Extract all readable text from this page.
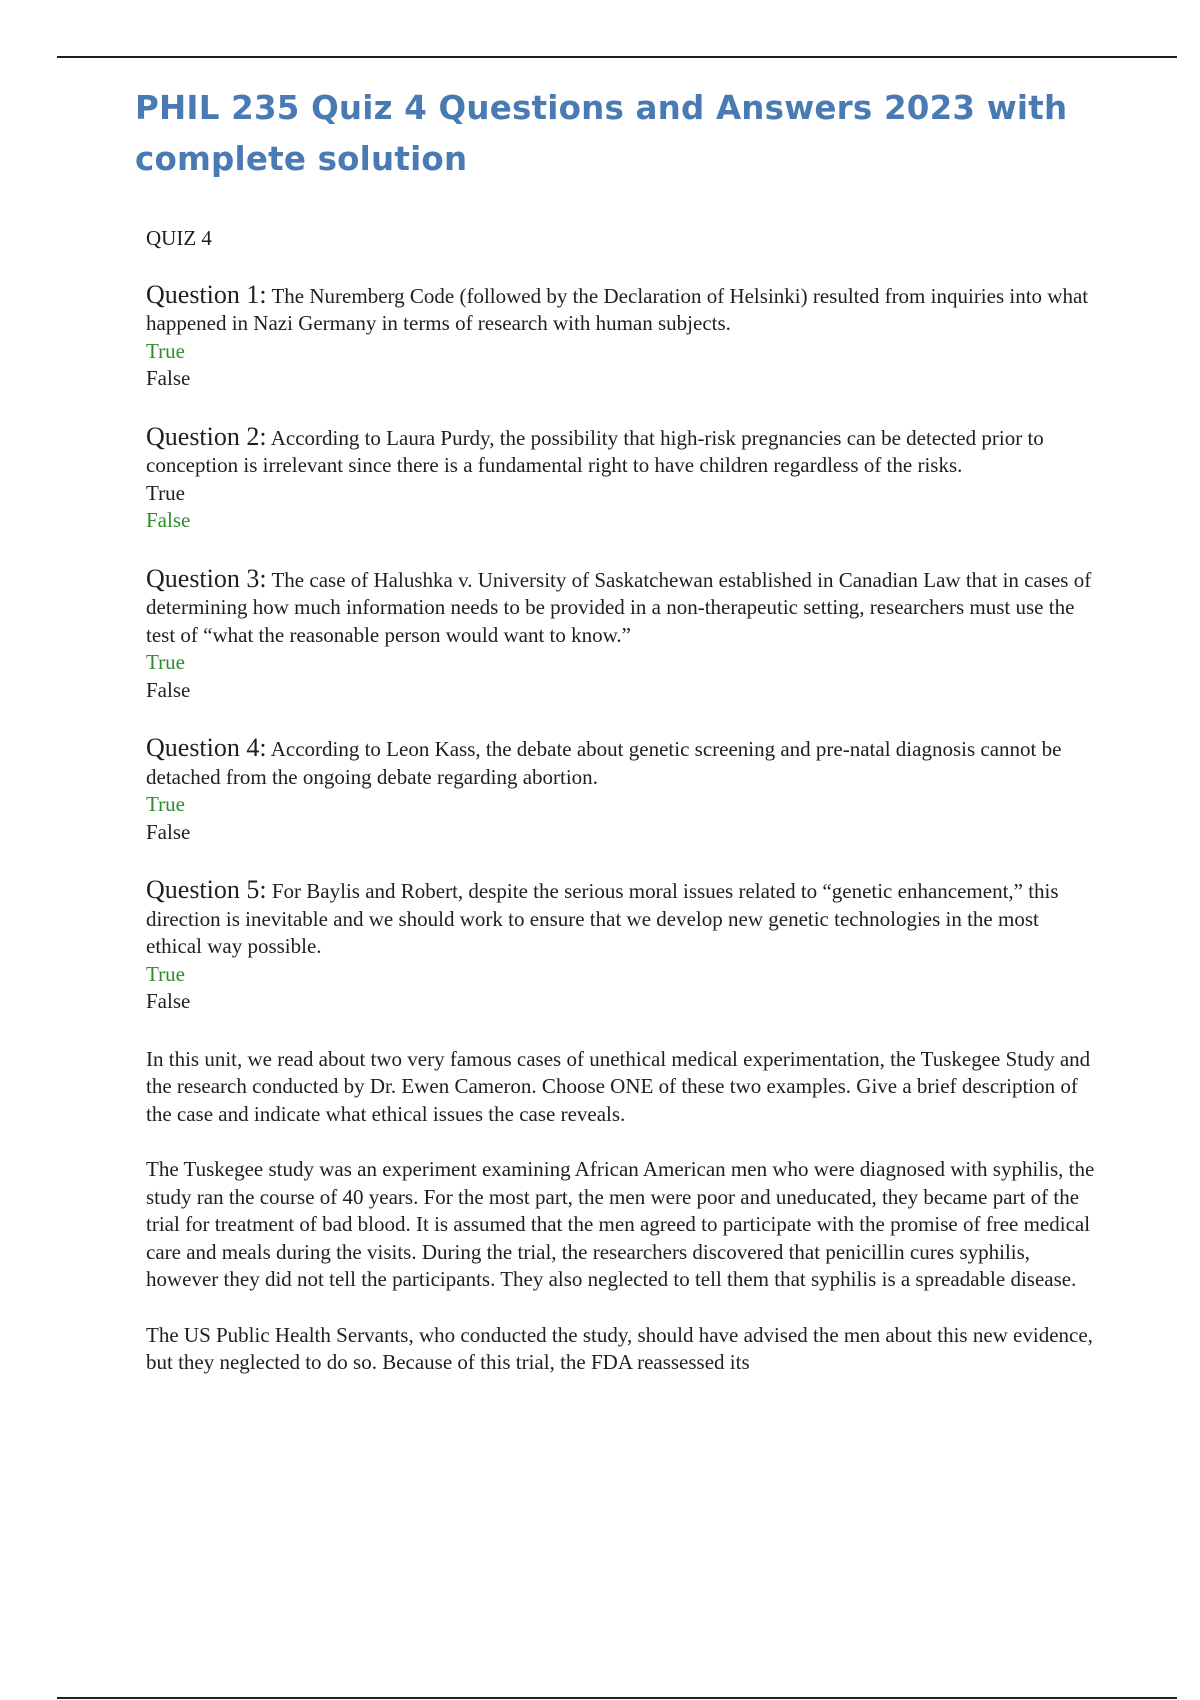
PHIL 235 Quiz 4 Questions and Answers 2023 with complete solution

QUIZ 4

Question 1: The Nuremberg Code (followed by the Declaration of Helsinki) resulted from inquiries into what happened in Nazi Germany in terms of research with human subjects.
True
False
Question 2: According to Laura Purdy, the possibility that high-risk pregnancies can be detected prior to conception is irrelevant since there is a fundamental right to have children regardless of the risks.
True
False
Question 3: The case of Halushka v. University of Saskatchewan established in Canadian Law that in cases of determining how much information needs to be provided in a non-therapeutic setting, researchers must use the test of “what the reasonable person would want to know.”
True
False
Question 4: According to Leon Kass, the debate about genetic screening and pre-natal diagnosis cannot be detached from the ongoing debate regarding abortion.
True
False
Question 5: For Baylis and Robert, despite the serious moral issues related to “genetic enhancement,” this
direction is inevitable and we should work to ensure that we develop new genetic technologies in the most ethical way possible.
True
False

In this unit, we read about two very famous cases of unethical medical experimentation, the Tuskegee Study and the research conducted by Dr. Ewen Cameron. Choose ONE of these two examples. Give a brief description of the case and indicate what ethical issues the case reveals.

The Tuskegee study was an experiment examining African American men who were diagnosed with syphilis, the study ran the course of 40 years. For the most part, the men were poor and uneducated, they became part of the trial for treatment of bad blood. It is assumed that the men agreed to participate with the promise of free medical care and meals during the visits. During the trial, the researchers discovered that penicillin cures syphilis, however they did not tell the participants. They also neglected to tell them that syphilis is a spreadable disease.

The US Public Health Servants, who conducted the study, should have advised the men about this new evidence, but they neglected to do so. Because of this trial, the FDA reassessed its
